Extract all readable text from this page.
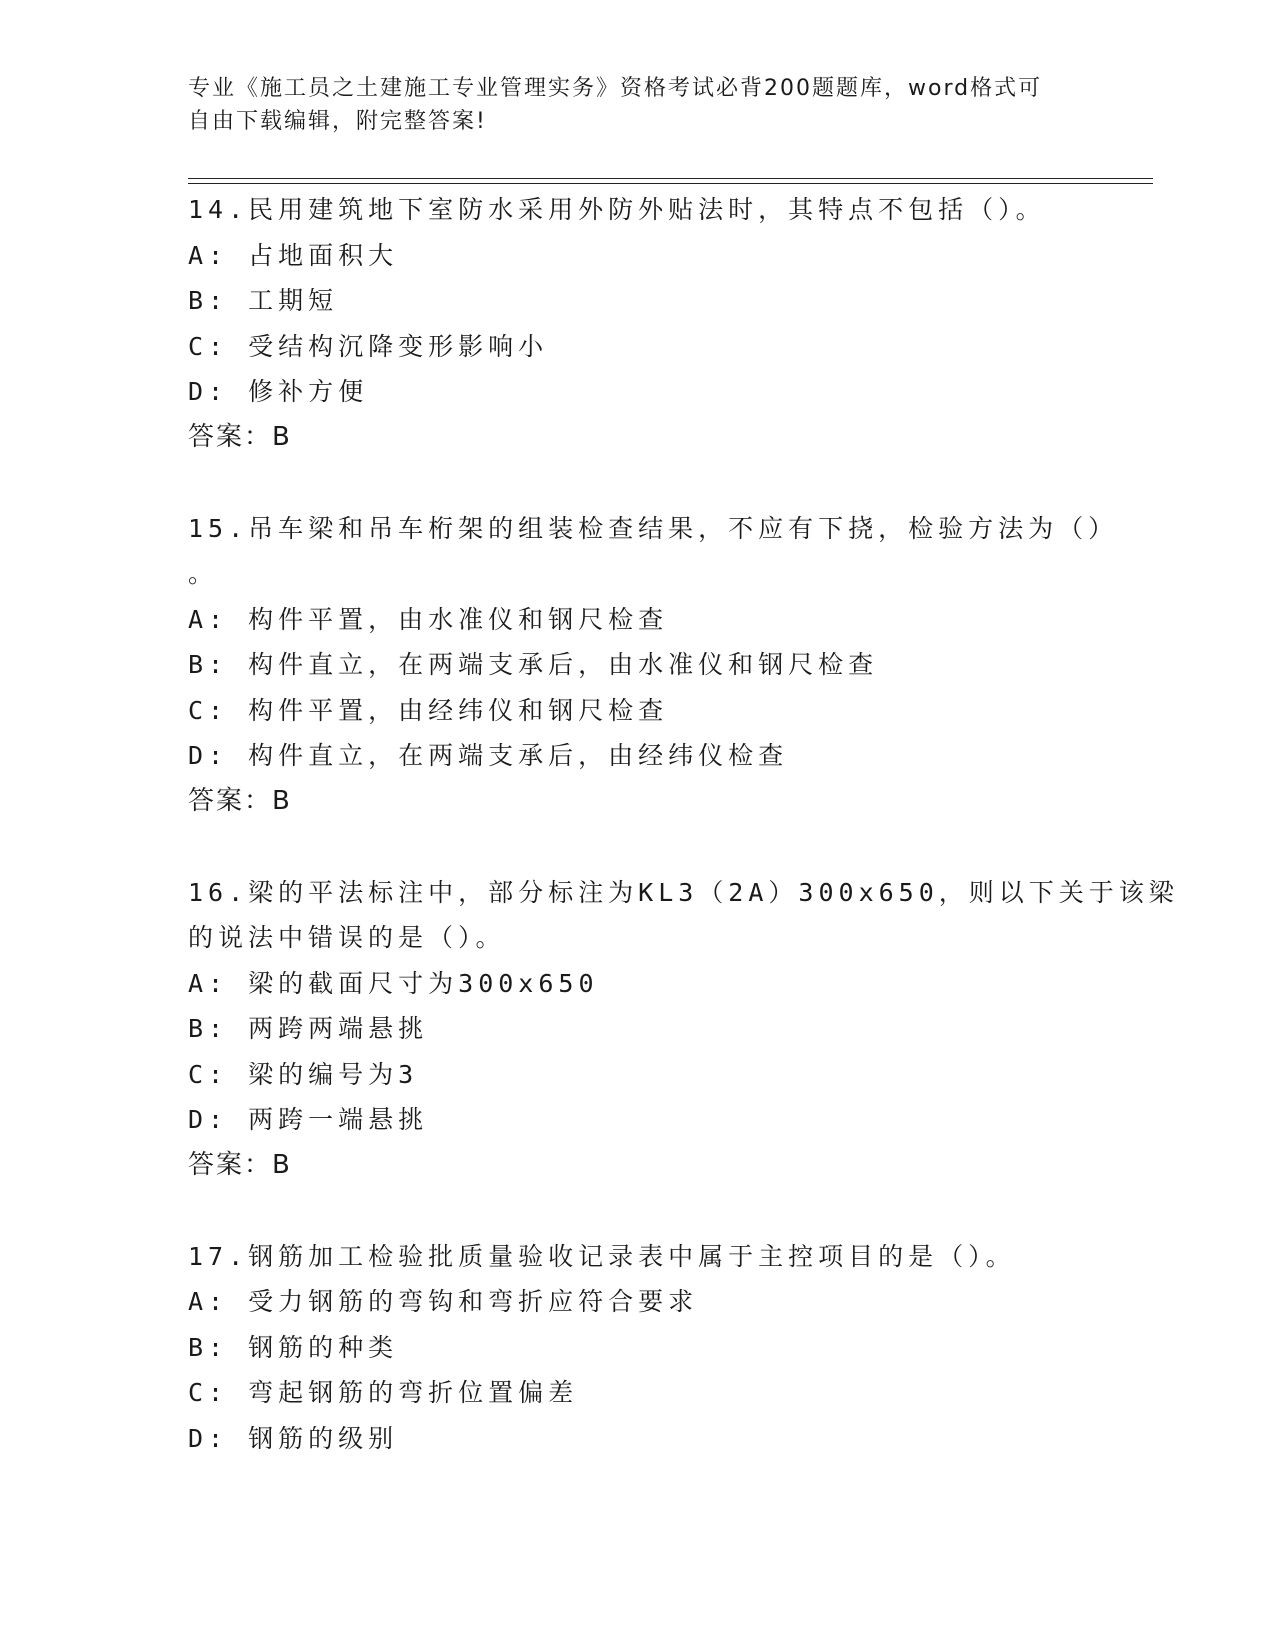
专业《施工员之土建施工专业管理实务》资格考试必背200题题库，word格式可
自由下载编辑，附完整答案!
14.民用建筑地下室防水采用外防外贴法时，其特点不包括（）。
A: 占地面积大
B: 工期短
C: 受结构沉降变形影响小
D: 修补方便
答案：B
15.吊车梁和吊车桁架的组装检查结果，不应有下挠，检验方法为（）
。
A: 构件平置，由水准仪和钢尺检查
B: 构件直立，在两端支承后，由水准仪和钢尺检查
C: 构件平置，由经纬仪和钢尺检查
D: 构件直立，在两端支承后，由经纬仪检查
答案：B
16.梁的平法标注中，部分标注为KL3（2A）300x650，则以下关于该梁
的说法中错误的是（）。
A: 梁的截面尺寸为300x650
B: 两跨两端悬挑
C: 梁的编号为3
D: 两跨一端悬挑
答案：B
17.钢筋加工检验批质量验收记录表中属于主控项目的是（）。
A: 受力钢筋的弯钩和弯折应符合要求
B: 钢筋的种类
C: 弯起钢筋的弯折位置偏差
D: 钢筋的级别
